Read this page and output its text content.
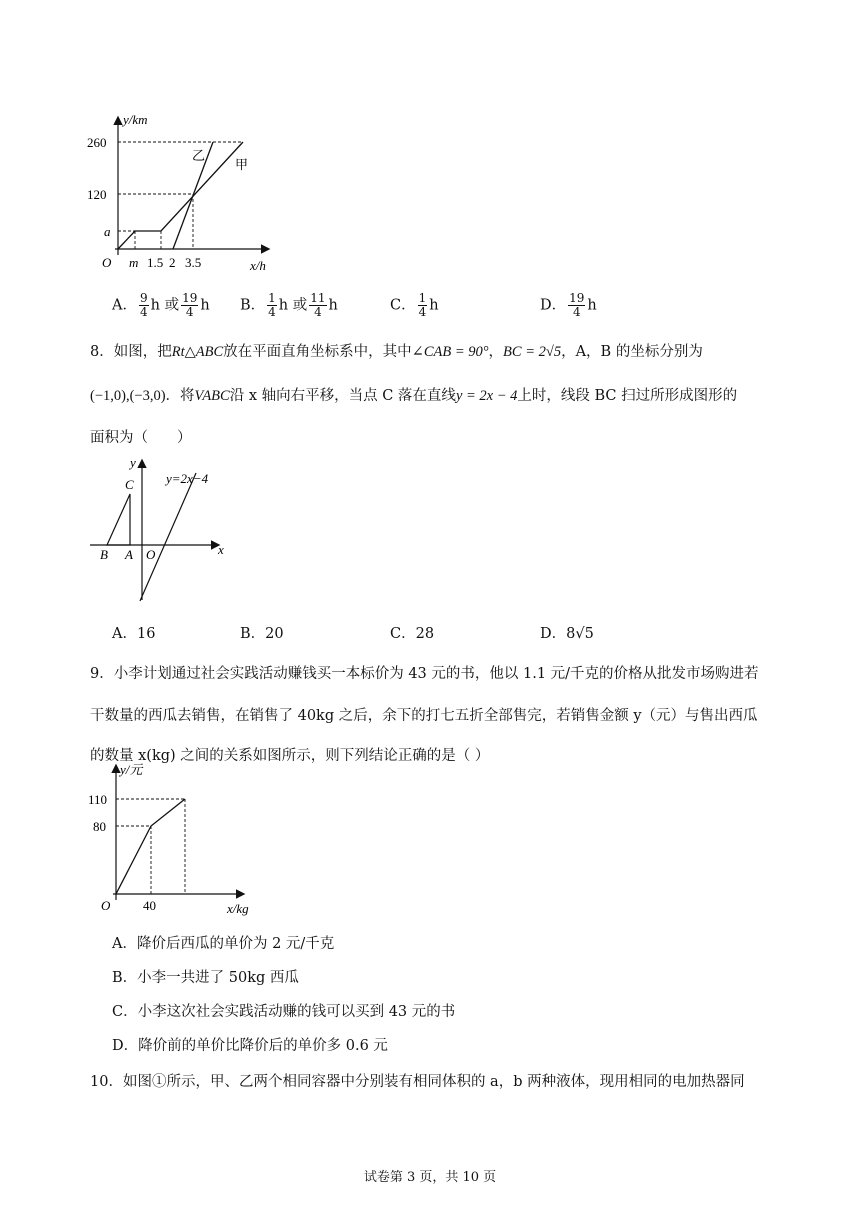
y/km
260
120
a
O m 1.5 2 3.5	x/h
乙
甲
A． $\frac{9}{4}$ h 或 $\frac{19}{4}$ h B． $\frac{1}{4}$ h 或 $\frac{11}{4}$ h	C． $\frac{1}{4}$ h	D． $\frac{19}{4}$ h
8．如图，把Rt△ABC放在平面直角坐标系中，其中∠CAB = 90°，BC = 2√5，A，B 的坐标分别为
(−1,0),(−3,0)．将VABC沿 x 轴向右平移，当点 C 落在直线y = 2x − 4上时，线段 BC 扫过所形成图形的
面积为（　　）
y
C y=2x−4
B A O	x
A．16	B．20	C．28	D．8√5
9．小李计划通过社会实践活动赚钱买一本标价为 43 元的书，他以 1.1 元/千克的价格从批发市场购进若
干数量的西瓜去销售，在销售了 40kg 之后，余下的打七五折全部售完，若销售金额 y（元）与售出西瓜
的数量 x(kg) 之间的关系如图所示，则下列结论正确的是（ ）
y/元
110
80
O	40	x/kg
A．降价后西瓜的单价为 2 元/千克
B．小李一共进了 50kg 西瓜
C．小李这次社会实践活动赚的钱可以买到 43 元的书
D．降价前的单价比降价后的单价多 0.6 元
10．如图①所示，甲、乙两个相同容器中分别装有相同体积的 a，b 两种液体，现用相同的电加热器同
试卷第 3 页，共 10 页
